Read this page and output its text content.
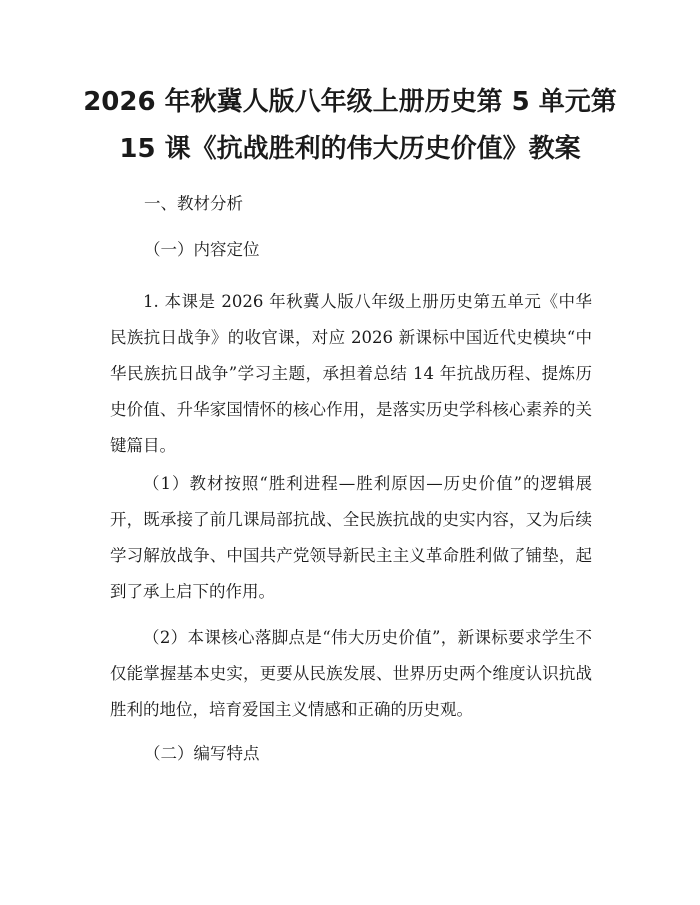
2026 年秋冀人版八年级上册历史第 5 单元第
15 课《抗战胜利的伟大历史价值》教案
一、教材分析
（一）内容定位
1. 本课是 2026 年秋冀人版八年级上册历史第五单元《中华民族抗日战争》的收官课，对应 2026 新课标中国近代史模块“中华民族抗日战争”学习主题，承担着总结 14 年抗战历程、提炼历史价值、升华家国情怀的核心作用，是落实历史学科核心素养的关键篇目。
（1）教材按照“胜利进程—胜利原因—历史价值”的逻辑展开，既承接了前几课局部抗战、全民族抗战的史实内容，又为后续学习解放战争、中国共产党领导新民主主义革命胜利做了铺垫，起到了承上启下的作用。
（2）本课核心落脚点是“伟大历史价值”，新课标要求学生不仅能掌握基本史实，更要从民族发展、世界历史两个维度认识抗战胜利的地位，培育爱国主义情感和正确的历史观。
（二）编写特点
